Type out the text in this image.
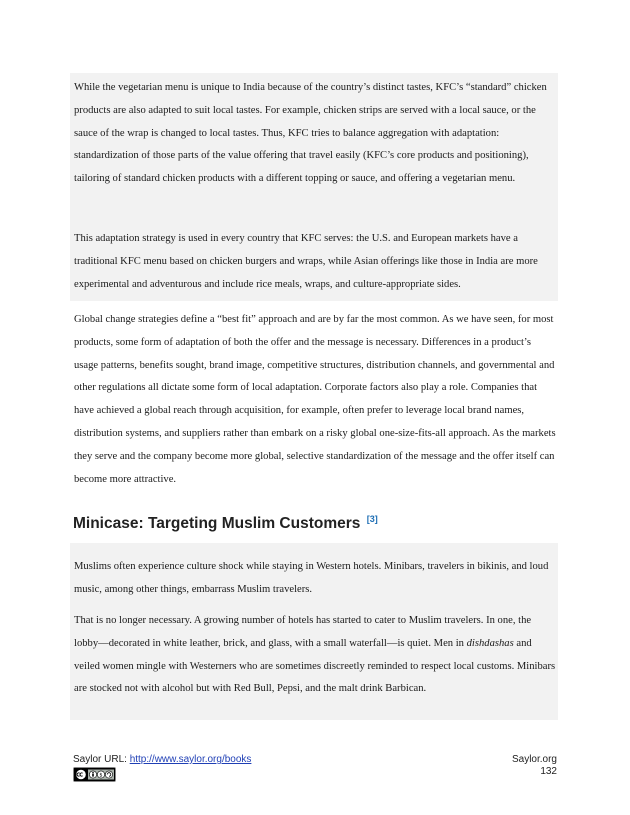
While the vegetarian menu is unique to India because of the country’s distinct tastes, KFC’s “standard” chicken products are also adapted to suit local tastes. For example, chicken strips are served with a local sauce, or the sauce of the wrap is changed to local tastes. Thus, KFC tries to balance aggregation with adaptation: standardization of those parts of the value offering that travel easily (KFC’s core products and positioning), tailoring of standard chicken products with a different topping or sauce, and offering a vegetarian menu.

This adaptation strategy is used in every country that KFC serves: the U.S. and European markets have a traditional KFC menu based on chicken burgers and wraps, while Asian offerings like those in India are more experimental and adventurous and include rice meals, wraps, and culture-appropriate sides.

Global change strategies define a “best fit” approach and are by far the most common. As we have seen, for most products, some form of adaptation of both the offer and the message is necessary. Differences in a product’s usage patterns, benefits sought, brand image, competitive structures, distribution channels, and governmental and other regulations all dictate some form of local adaptation. Corporate factors also play a role. Companies that have achieved a global reach through acquisition, for example, often prefer to leverage local brand names, distribution systems, and suppliers rather than embark on a risky global one-size-fits-all approach. As the markets they serve and the company become more global, selective standardization of the message and the offer itself can become more attractive.

Minicase: Targeting Muslim Customers [3]

Muslims often experience culture shock while staying in Western hotels. Minibars, travelers in bikinis, and loud music, among other things, embarrass Muslim travelers.

That is no longer necessary. A growing number of hotels has started to cater to Muslim travelers. In one, the lobby—decorated in white leather, brick, and glass, with a small waterfall—is quiet. Men in dishdashas and veiled women mingle with Westerners who are sometimes discreetly reminded to respect local customs. Minibars are stocked not with alcohol but with Red Bull, Pepsi, and the malt drink Barbican.

Saylor URL: http://www.saylor.org/books	Saylor.org
132
$
